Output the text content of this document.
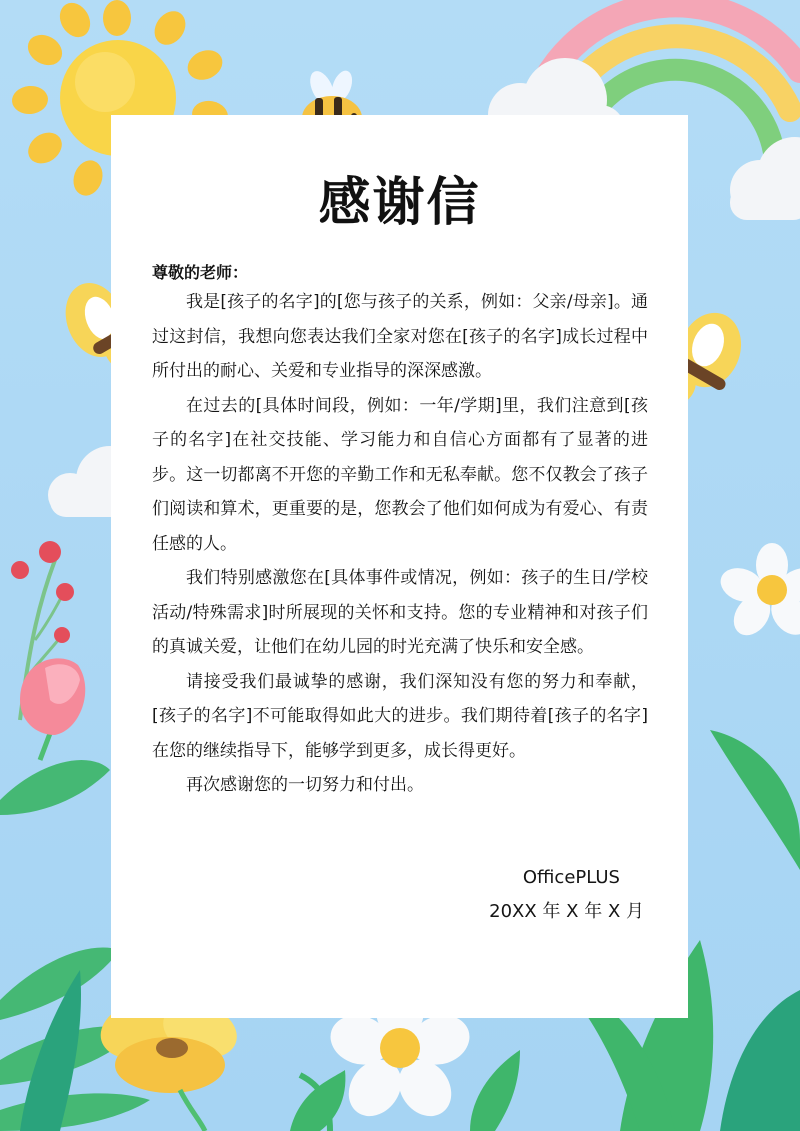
感谢信
尊敬的老师：

我是[孩子的名字]的[您与孩子的关系，例如：父亲/母亲]。通过这封信，我想向您表达我们全家对您在[孩子的名字]成长过程中所付出的耐心、关爱和专业指导的深深感激。

在过去的[具体时间段，例如：一年/学期]里，我们注意到[孩子的名字]在社交技能、学习能力和自信心方面都有了显著的进步。这一切都离不开您的辛勤工作和无私奉献。您不仅教会了孩子们阅读和算术，更重要的是，您教会了他们如何成为有爱心、有责任感的人。

我们特别感激您在[具体事件或情况，例如：孩子的生日/学校活动/特殊需求]时所展现的关怀和支持。您的专业精神和对孩子们的真诚关爱，让他们在幼儿园的时光充满了快乐和安全感。

请接受我们最诚挚的感谢，我们深知没有您的努力和奉献，[孩子的名字]不可能取得如此大的进步。我们期待着[孩子的名字]在您的继续指导下，能够学到更多，成长得更好。

再次感谢您的一切努力和付出。

OfficePLUS
20XX 年 X 年 X 月
